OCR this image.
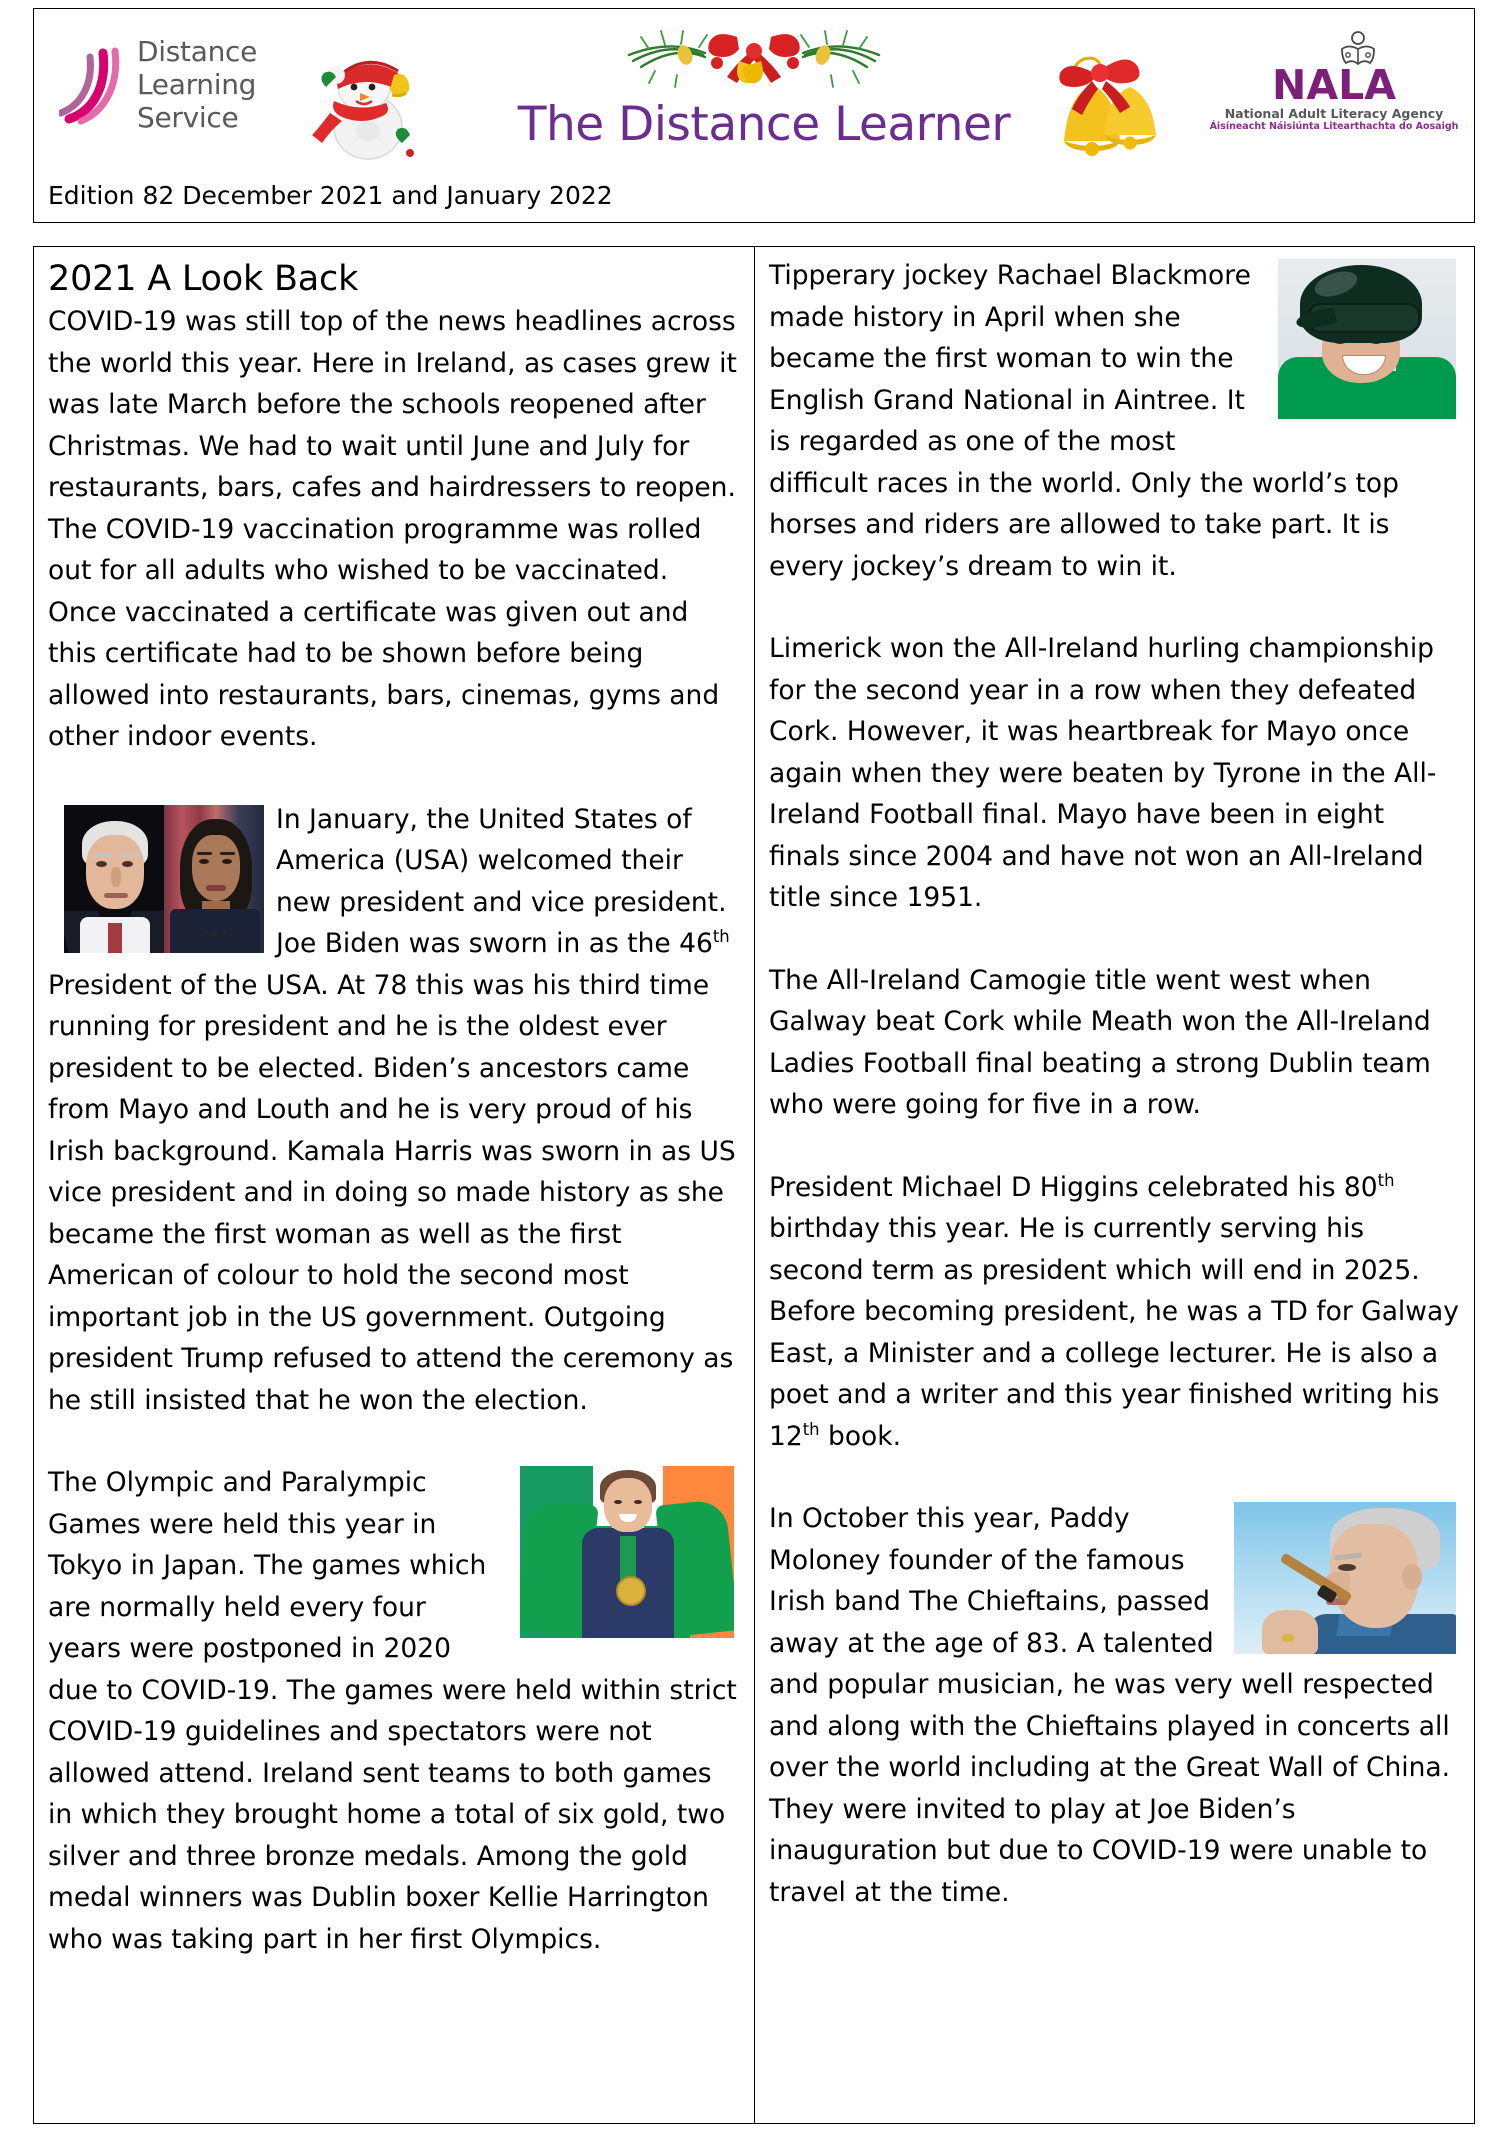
Distance
Learning
Service	The Distance Learner
NALA
National Adult Literacy Agency
Áisíneacht Náisiúnta Litearthachta do Aosaigh
Edition 82 December 2021 and January 2022
2021 A Look Back

COVID-19 was still top of the news headlines across the world this year. Here in Ireland, as cases grew it was late March before the schools reopened after Christmas. We had to wait until June and July for restaurants, bars, cafes and hairdressers to reopen. The COVID-19 vaccination programme was rolled out for all adults who wished to be vaccinated. Once vaccinated a certificate was given out and this certificate had to be shown before being allowed into restaurants, bars, cinemas, gyms and other indoor events.

In January, the United States of America (USA) welcomed their new president and vice president. Joe Biden was sworn in as the 46th President of the USA. At 78 this was his third time running for president and he is the oldest ever president to be elected. Biden’s ancestors came from Mayo and Louth and he is very proud of his Irish background. Kamala Harris was sworn in as US vice president and in doing so made history as she became the first woman as well as the first American of colour to hold the second most important job in the US government. Outgoing president Trump refused to attend the ceremony as he still insisted that he won the election.

The Olympic and Paralympic Games were held this year in Tokyo in Japan. The games which are normally held every four years were postponed in 2020 due to COVID-19. The games were held within strict COVID-19 guidelines and spectators were not allowed attend. Ireland sent teams to both games in which they brought home a total of six gold, two silver and three bronze medals. Among the gold medal winners was Dublin boxer Kellie Harrington who was taking part in her first Olympics.

Tipperary jockey Rachael Blackmore made history in April when she became the first woman to win the English Grand National in Aintree. It is regarded as one of the most difficult races in the world. Only the world’s top horses and riders are allowed to take part. It is every jockey’s dream to win it.

Limerick won the All-Ireland hurling championship for the second year in a row when they defeated Cork. However, it was heartbreak for Mayo once again when they were beaten by Tyrone in the All-Ireland Football final. Mayo have been in eight finals since 2004 and have not won an All-Ireland title since 1951.

The All-Ireland Camogie title went west when Galway beat Cork while Meath won the All-Ireland Ladies Football final beating a strong Dublin team who were going for five in a row.

President Michael D Higgins celebrated his 80th birthday this year. He is currently serving his second term as president which will end in 2025. Before becoming president, he was a TD for Galway East, a Minister and a college lecturer. He is also a poet and a writer and this year finished writing his 12th book.

In October this year, Paddy Moloney founder of the famous Irish band The Chieftains, passed away at the age of 83. A talented and popular musician, he was very well respected and along with the Chieftains played in concerts all over the world including at the Great Wall of China. They were invited to play at Joe Biden’s inauguration but due to COVID-19 were unable to travel at the time.
